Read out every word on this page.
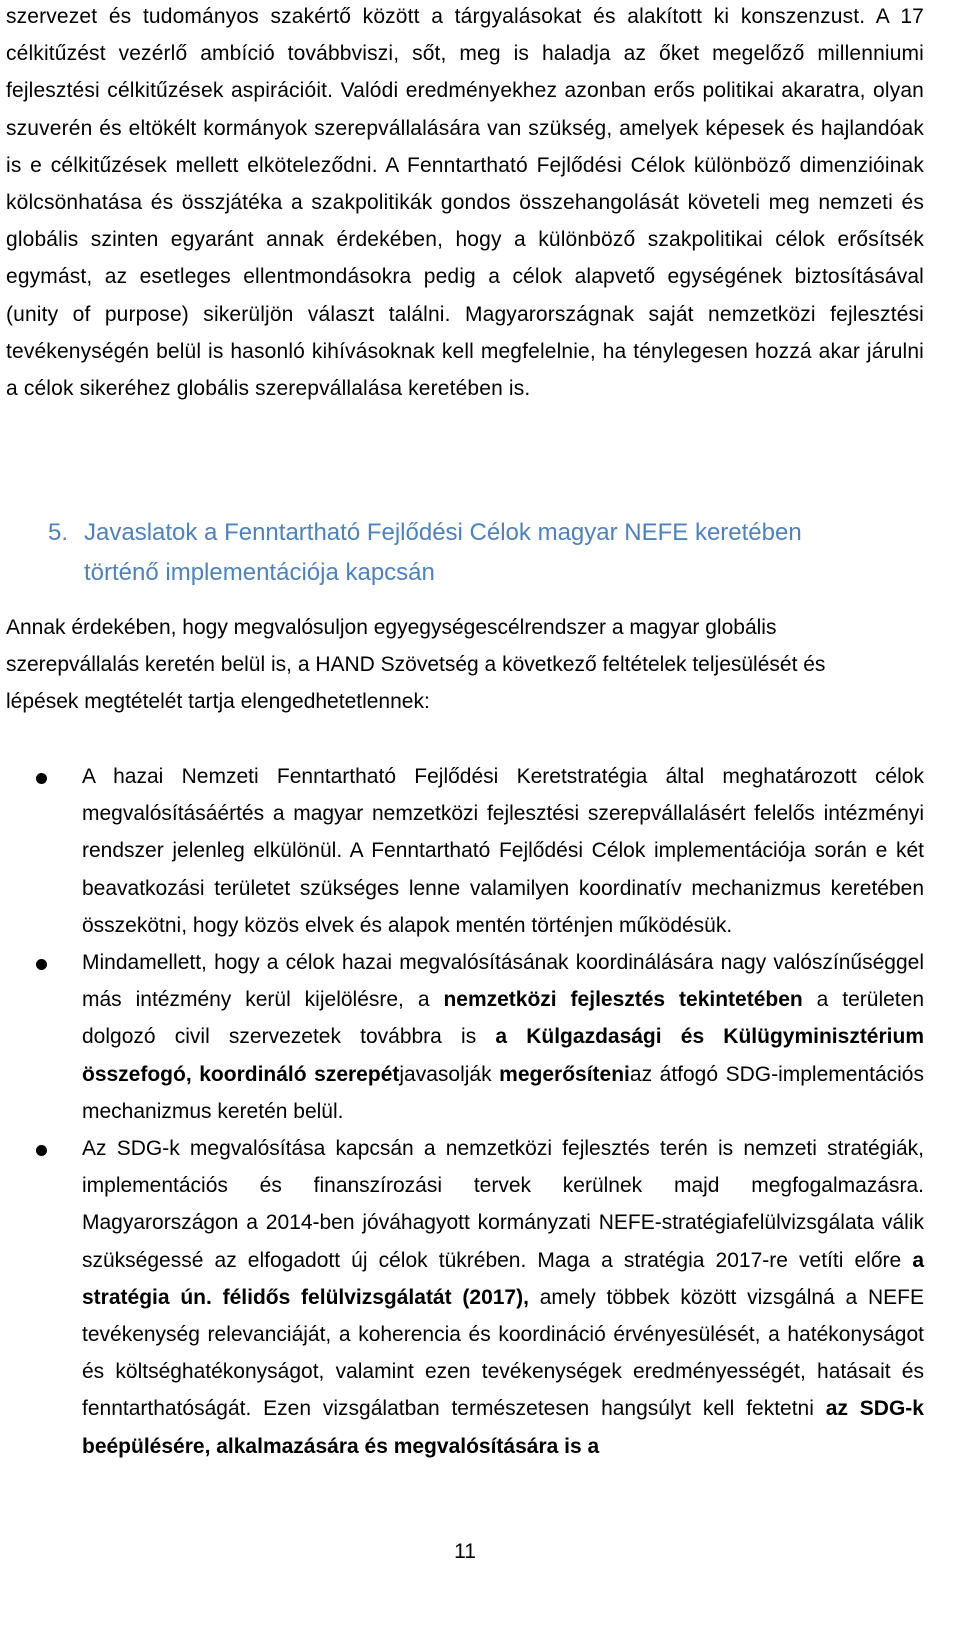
szervezet és tudományos szakértő között a tárgyalásokat és alakított ki konszenzust. A 17 célkitűzést vezérlő ambíció továbbviszi, sőt, meg is haladja az őket megelőző millenniumi fejlesztési célkitűzések aspirációit. Valódi eredményekhez azonban erős politikai akaratra, olyan szuverén és eltökélt kormányok szerepvállalására van szükség, amelyek képesek és hajlandóak is e célkitűzések mellett elköteleződni. A Fenntartható Fejlődési Célok különböző dimenzióinak kölcsönhatása és összjátéka a szakpolitikák gondos összehangolását követeli meg nemzeti és globális szinten egyaránt annak érdekében, hogy a különböző szakpolitikai célok erősítsék egymást, az esetleges ellentmondásokra pedig a célok alapvető egységének biztosításával (unity of purpose) sikerüljön választ találni. Magyarországnak saját nemzetközi fejlesztési tevékenységén belül is hasonló kihívásoknak kell megfelelnie, ha ténylegesen hozzá akar járulni a célok sikeréhez globális szerepvállalása keretében is.
5. Javaslatok a Fenntartható Fejlődési Célok magyar NEFE keretében
történő implementációja kapcsán
Annak érdekében, hogy megvalósuljon egyegységescélrendszer a magyar globális szerepvállalás keretén belül is, a HAND Szövetség a következő feltételek teljesülését és lépések megtételét tartja elengedhetetlennek:
A hazai Nemzeti Fenntartható Fejlődési Keretstratégia által meghatározott célok megvalósításáértés a magyar nemzetközi fejlesztési szerepvállalásért felelős intézményi rendszer jelenleg elkülönül. A Fenntartható Fejlődési Célok implementációja során e két beavatkozási területet szükséges lenne valamilyen koordinatív mechanizmus keretében összekötni, hogy közös elvek és alapok mentén történjen működésük.
Mindamellett, hogy a célok hazai megvalósításának koordinálására nagy valószínűséggel más intézmény kerül kijelölésre, a nemzetközi fejlesztés tekintetében a területen dolgozó civil szervezetek továbbra is a Külgazdasági és Külügyminisztérium összefogó, koordináló szerepétjavasolják megerősíteniaz átfogó SDG-implementációs mechanizmus keretén belül.
Az SDG-k megvalósítása kapcsán a nemzetközi fejlesztés terén is nemzeti stratégiák, implementációs és finanszírozási tervek kerülnek majd megfogalmazásra. Magyarországon a 2014-ben jóváhagyott kormányzati NEFE-stratégiafelülvizsgálata válik szükségessé az elfogadott új célok tükrében. Maga a stratégia 2017-re vetíti előre a stratégia ún. félidős felülvizsgálatát (2017), amely többek között vizsgálná a NEFE tevékenység relevanciáját, a koherencia és koordináció érvényesülését, a hatékonyságot és költséghatékonyságot, valamint ezen tevékenységek eredményességét, hatásait és fenntarthatóságát. Ezen vizsgálatban természetesen hangsúlyt kell fektetni az SDG-k beépülésére, alkalmazására és megvalósítására is a
11
